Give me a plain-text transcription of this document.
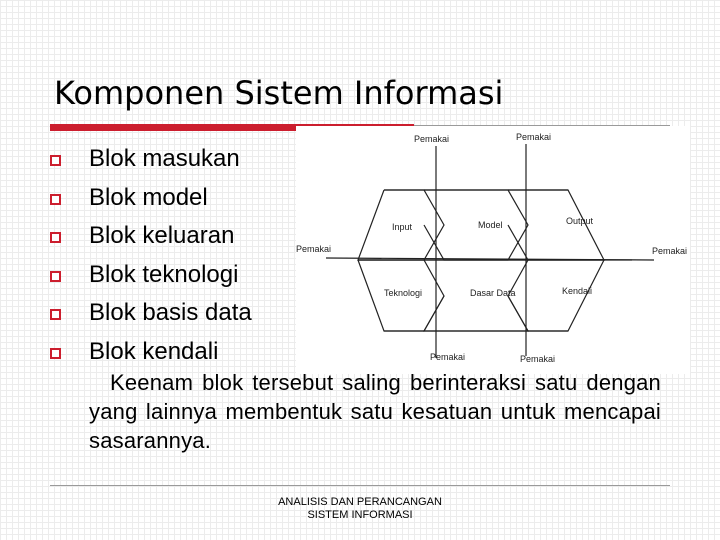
Komponen Sistem Informasi
Blok masukan
Blok model
Blok keluaran
Blok teknologi
Blok basis data
Blok kendali
Pemakai	Pemakai
Pemakai	Pemakai
Pemakai	Pemakai
Input	Model	Output
Teknologi	Dasar Data	Kendali
Keenam blok tersebut saling berinteraksi satu dengan yang lainnya membentuk satu kesatuan untuk mencapai sasarannya.
ANALISIS DAN PERANCANGAN
SISTEM INFORMASI
